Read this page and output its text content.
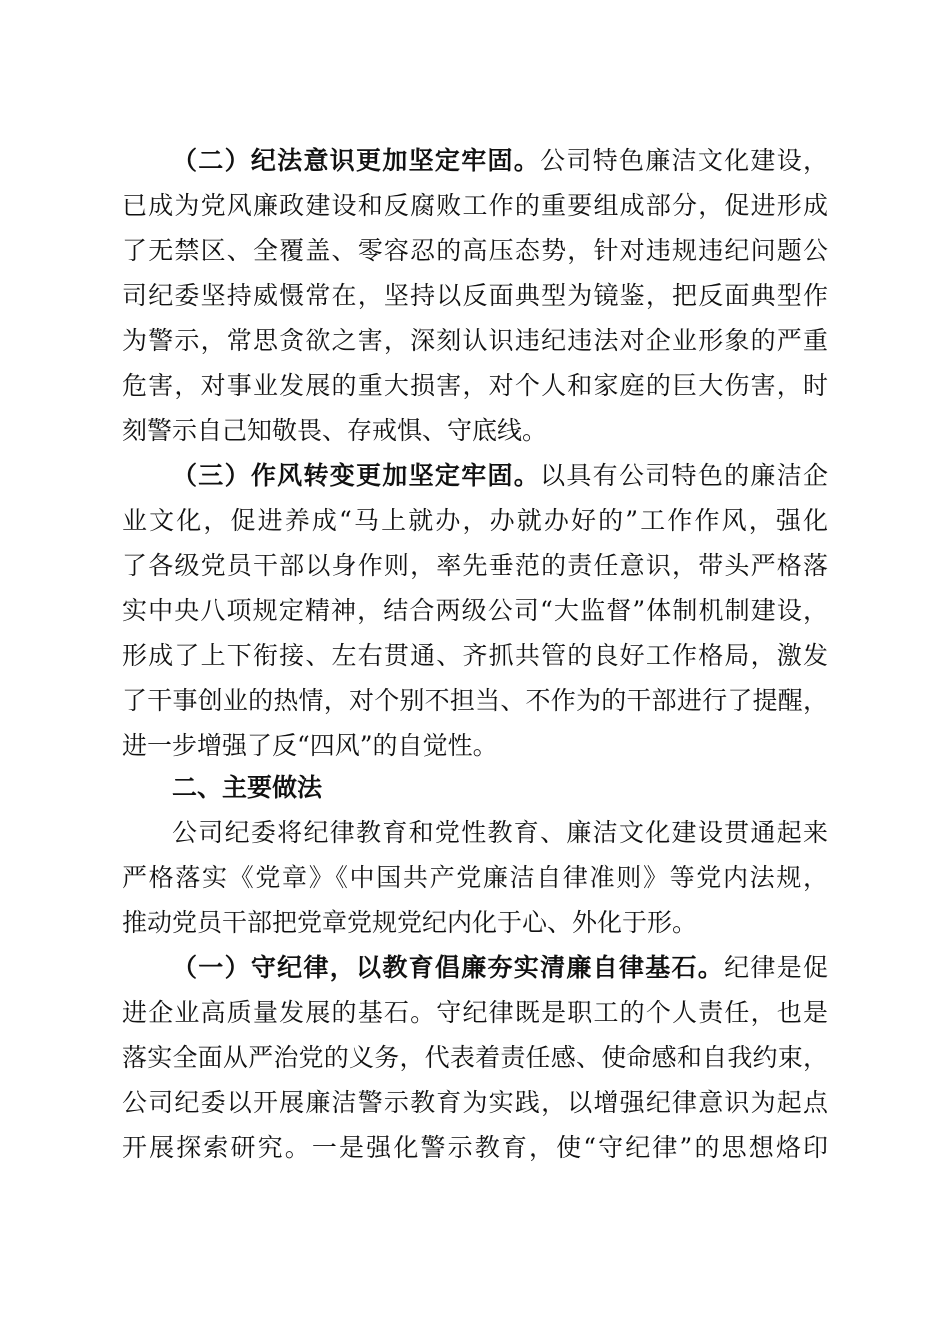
（二）纪法意识更加坚定牢固。公司特色廉洁文化建设，
已成为党风廉政建设和反腐败工作的重要组成部分，促进形成
了无禁区、全覆盖、零容忍的高压态势，针对违规违纪问题公
司纪委坚持威慑常在，坚持以反面典型为镜鉴，把反面典型作
为警示，常思贪欲之害，深刻认识违纪违法对企业形象的严重
危害，对事业发展的重大损害，对个人和家庭的巨大伤害，时
刻警示自己知敬畏、存戒惧、守底线。
（三）作风转变更加坚定牢固。以具有公司特色的廉洁企
业文化，促进养成“马上就办，办就办好的”工作作风，强化
了各级党员干部以身作则，率先垂范的责任意识，带头严格落
实中央八项规定精神，结合两级公司“大监督”体制机制建设，
形成了上下衔接、左右贯通、齐抓共管的良好工作格局，激发
了干事创业的热情，对个别不担当、不作为的干部进行了提醒，
进一步增强了反“四风”的自觉性。
二、主要做法
公司纪委将纪律教育和党性教育、廉洁文化建设贯通起来
严格落实《党章》《中国共产党廉洁自律准则》等党内法规，
推动党员干部把党章党规党纪内化于心、外化于形。
（一）守纪律，以教育倡廉夯实清廉自律基石。纪律是促
进企业高质量发展的基石。守纪律既是职工的个人责任，也是
落实全面从严治党的义务，代表着责任感、使命感和自我约束，
公司纪委以开展廉洁警示教育为实践，以增强纪律意识为起点
开展探索研究。一是强化警示教育，使“守纪律”的思想烙印
